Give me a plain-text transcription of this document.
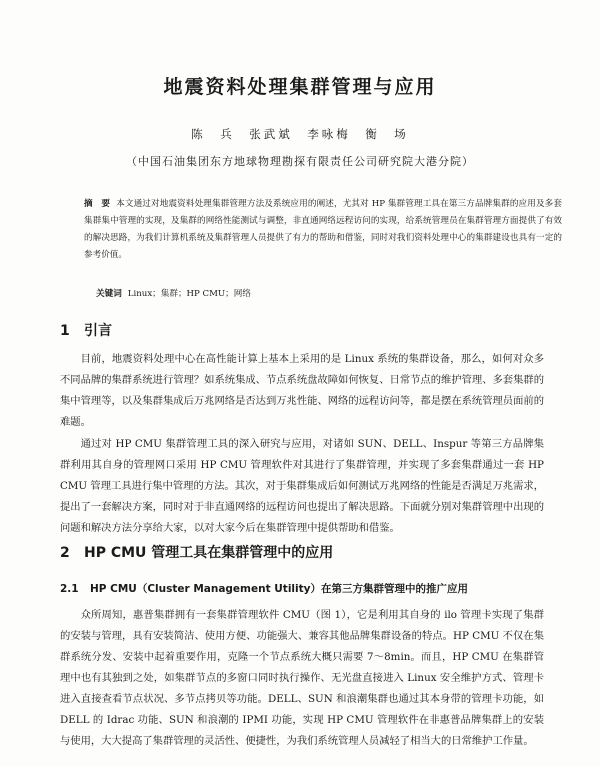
地震资料处理集群管理与应用
陈　兵　张武斌　李咏梅　衡　场
（中国石油集团东方地球物理勘探有限责任公司研究院大港分院）
摘　要 本文通过对地震资料处理集群管理方法及系统应用的阐述，尤其对 HP 集群管理工具在第三方品牌集群的应用及多套集群集中管理的实现，及集群的网络性能测试与调整，非直通网络远程访问的实现，给系统管理员在集群管理方面提供了有效的解决思路，为我们计算机系统及集群管理人员提供了有力的帮助和借鉴，同时对我们资料处理中心的集群建设也具有一定的参考价值。
关键词 Linux；集群；HP CMU；网络
1 引言
目前，地震资料处理中心在高性能计算上基本上采用的是 Linux 系统的集群设备，那么，如何对众多不同品牌的集群系统进行管理？如系统集成、节点系统盘故障如何恢复、日常节点的维护管理、多套集群的集中管理等，以及集群集成后万兆网络是否达到万兆性能、网络的远程访问等，都是摆在系统管理员面前的难题。
通过对 HP CMU 集群管理工具的深入研究与应用，对诸如 SUN、DELL、Inspur 等第三方品牌集群利用其自身的管理网口采用 HP CMU 管理软件对其进行了集群管理，并实现了多套集群通过一套 HP CMU 管理工具进行集中管理的方法。其次，对于集群集成后如何测试万兆网络的性能是否满足万兆需求，提出了一套解决方案，同时对于非直通网络的远程访问也提出了解决思路。下面就分别对集群管理中出现的问题和解决方法分享给大家，以对大家今后在集群管理中提供帮助和借鉴。
2 HP CMU 管理工具在集群管理中的应用
2.1 HP CMU（Cluster Management Utility）在第三方集群管理中的推广应用
众所周知，惠普集群拥有一套集群管理软件 CMU（图 1），它是利用其自身的 ilo 管理卡实现了集群的安装与管理，具有安装简洁、使用方便、功能强大、兼容其他品牌集群设备的特点。HP CMU 不仅在集群系统分发、安装中起着重要作用，克隆一个节点系统大概只需要 7～8min。而且，HP CMU 在集群管理中也有其独到之处，如集群节点的多窗口同时执行操作、无光盘直接进入 Linux 安全维护方式、管理卡进入直接查看节点状况、多节点拷贝等功能。DELL、SUN 和浪潮集群也通过其本身带的管理卡功能，如 DELL 的 Idrac 功能、SUN 和浪潮的 IPMI 功能，实现 HP CMU 管理软件在非惠普品牌集群上的安装与使用，大大提高了集群管理的灵活性、便捷性，为我们系统管理人员减轻了相当大的日常维护工作量。
